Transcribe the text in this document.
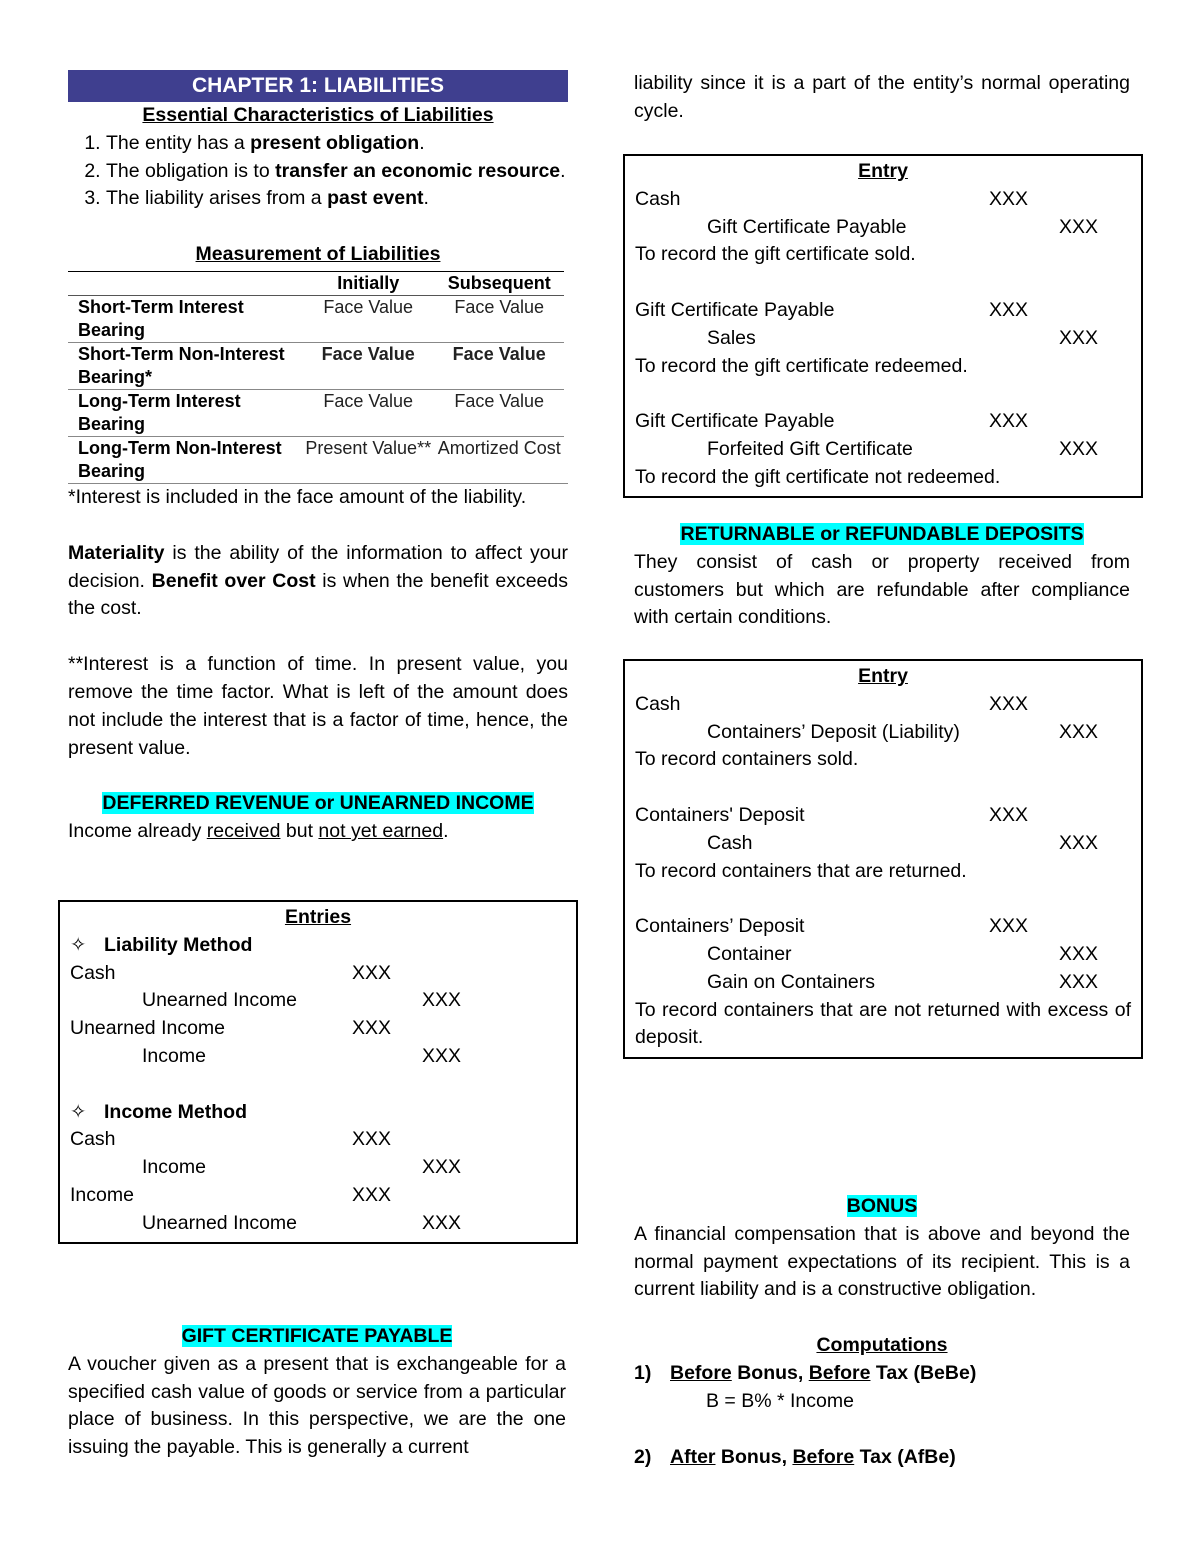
CHAPTER 1: LIABILITIES
Essential Characteristics of Liabilities
1. The entity has a present obligation.
2. The obligation is to transfer an economic resource.
3. The liability arises from a past event.
Measurement of Liabilities
	Initially	Subsequent
Short-Term Interest Bearing	Face Value	Face Value
Short-Term Non-Interest Bearing*	Face Value	Face Value
Long-Term Interest Bearing	Face Value	Face Value
Long-Term Non-Interest Bearing	Present Value**	Amortized Cost

*Interest is included in the face amount of the liability.

Materiality is the ability of the information to affect your decision. Benefit over Cost is when the benefit exceeds the cost.

**Interest is a function of time. In present value, you remove the time factor. What is left of the amount does not include the interest that is a factor of time, hence, the present value.

DEFERRED REVENUE or UNEARNED INCOME

Income already received but not yet earned.

Entries
✧ Liability Method
Cash	XXX
Unearned Income	XXX
Unearned Income	XXX
Income	XXX
✧ Income Method
Cash	XXX
Income	XXX
Income	XXX
Unearned Income	XXX
GIFT CERTIFICATE PAYABLE

A voucher given as a present that is exchangeable for a specified cash value of goods or service from a particular place of business. In this perspective, we are the one issuing the payable. This is generally a current

liability since it is a part of the entity’s normal operating cycle.

Entry
Cash	XXX
Gift Certificate Payable	XXX
To record the gift certificate sold.
Gift Certificate Payable	XXX
Sales	XXX
To record the gift certificate redeemed.
Gift Certificate Payable	XXX
Forfeited Gift Certificate	XXX
To record the gift certificate not redeemed.
RETURNABLE or REFUNDABLE DEPOSITS

They consist of cash or property received from customers but which are refundable after compliance with certain conditions.

Entry
Cash	XXX
Containers’ Deposit (Liability)	XXX
To record containers sold.
Containers' Deposit	XXX
Cash	XXX
To record containers that are returned.
Containers’ Deposit	XXX
Container	XXX
Gain on Containers	XXX

To record containers that are not returned with excess of deposit.

BONUS

A financial compensation that is above and beyond the normal payment expectations of its recipient. This is a current liability and is a constructive obligation.

Computations
1) Before Bonus, Before Tax (BeBe)
B = B% * Income
2) After Bonus, Before Tax (AfBe)
